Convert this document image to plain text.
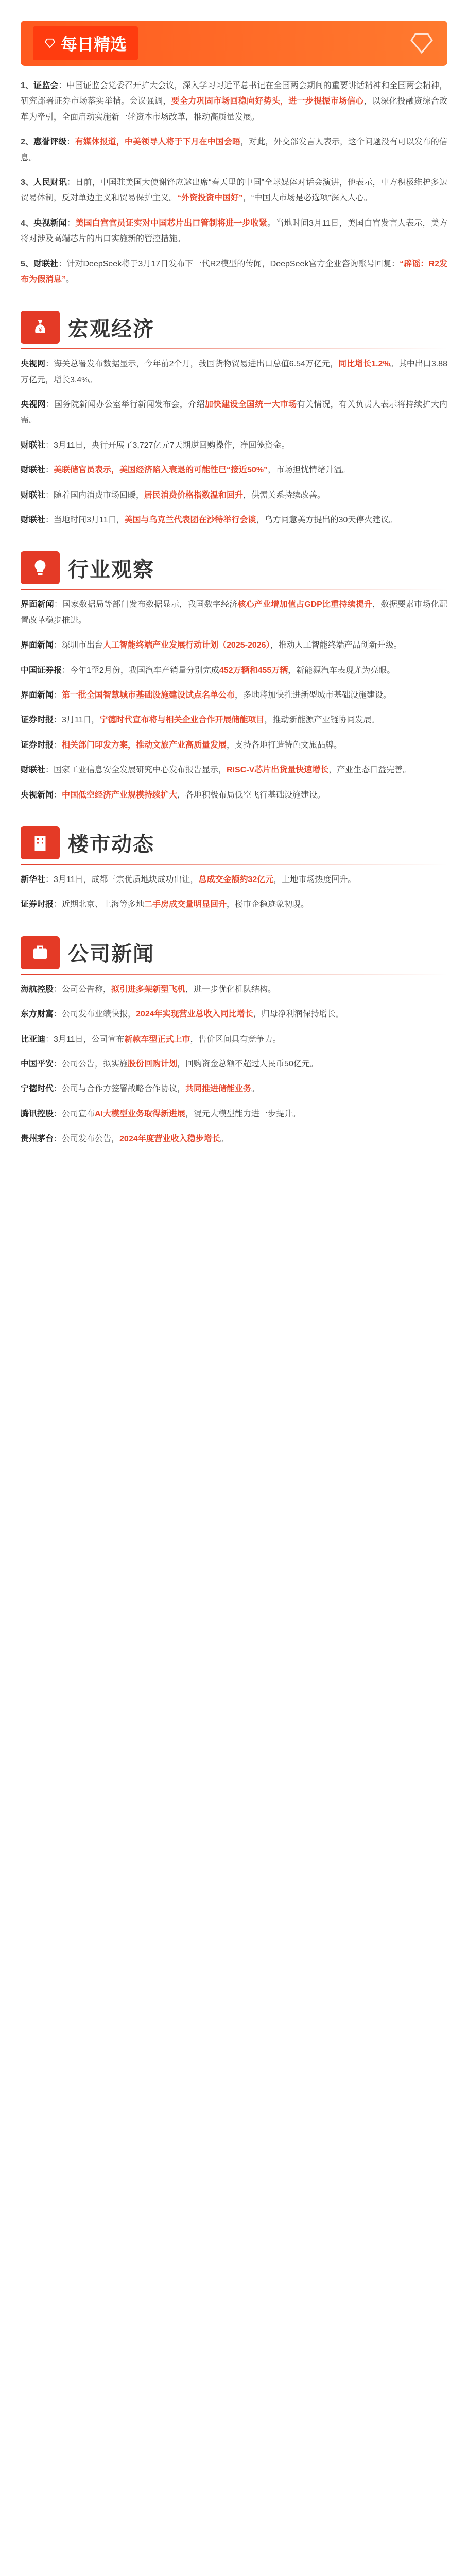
每日精选

1、证监会：中国证监会党委召开扩大会议，深入学习习近平总书记在全国两会期间的重要讲话精神和全国两会精神，研究部署证券市场落实举措。会议强调，要全力巩固市场回稳向好势头，进一步提振市场信心，以深化投融资综合改革为牵引，全面启动实施新一轮资本市场改革，推动高质量发展。

2、惠誉评级：有媒体报道，中美领导人将于下月在中国会晤，对此，外交部发言人表示，这个问题没有可以发布的信息。

3、人民财讯：日前，中国驻美国大使谢锋应邀出席“春天里的中国”全球媒体对话会演讲，他表示，中方积极维护多边贸易体制，反对单边主义和贸易保护主义。“外资投资中国好”，“中国大市场是必选项”深入人心。

4、央视新闻：美国白宫官员证实对中国芯片出口管制将进一步收紧。当地时间3月11日，美国白宫发言人表示，美方将对涉及高端芯片的出口实施新的管控措施。

5、财联社：针对DeepSeek将于3月17日发布下一代R2模型的传闻，DeepSeek官方企业咨询账号回复：“辟谣：R2发布为假消息”。

¥ 宏观经济

央视网：海关总署发布数据显示，今年前2个月，我国货物贸易进出口总值6.54万亿元，同比增长1.2%。其中出口3.88万亿元，增长3.4%。

央视网：国务院新闻办公室举行新闻发布会，介绍加快建设全国统一大市场有关情况，有关负责人表示将持续扩大内需。

财联社：3月11日，央行开展了3,727亿元7天期逆回购操作，净回笼资金。

财联社：美联储官员表示，美国经济陷入衰退的可能性已“接近50%”，市场担忧情绪升温。

财联社：随着国内消费市场回暖，居民消费价格指数温和回升，供需关系持续改善。

财联社：当地时间3月11日，美国与乌克兰代表团在沙特举行会谈，乌方同意美方提出的30天停火建议。

行业观察

界面新闻：国家数据局等部门发布数据显示，我国数字经济核心产业增加值占GDP比重持续提升，数据要素市场化配置改革稳步推进。

界面新闻：深圳市出台人工智能终端产业发展行动计划（2025-2026），推动人工智能终端产品创新升级。

中国证券报：今年1至2月份，我国汽车产销量分别完成452万辆和455万辆，新能源汽车表现尤为亮眼。

界面新闻：第一批全国智慧城市基础设施建设试点名单公布，多地将加快推进新型城市基础设施建设。

证券时报：3月11日，宁德时代宣布将与相关企业合作开展储能项目，推动新能源产业链协同发展。

证券时报：相关部门印发方案，推动文旅产业高质量发展，支持各地打造特色文旅品牌。

财联社：国家工业信息安全发展研究中心发布报告显示，RISC-V芯片出货量快速增长，产业生态日益完善。

央视新闻：中国低空经济产业规模持续扩大，各地积极布局低空飞行基础设施建设。

楼市动态

新华社：3月11日，成都三宗优质地块成功出让，总成交金额约32亿元，土地市场热度回升。

证券时报：近期北京、上海等多地二手房成交量明显回升，楼市企稳迹象初现。

公司新闻

海航控股：公司公告称，拟引进多架新型飞机，进一步优化机队结构。

东方财富：公司发布业绩快报，2024年实现营业总收入同比增长，归母净利润保持增长。

比亚迪：3月11日，公司宣布新款车型正式上市，售价区间具有竞争力。

中国平安：公司公告，拟实施股份回购计划，回购资金总额不超过人民币50亿元。

宁德时代：公司与合作方签署战略合作协议，共同推进储能业务。

腾讯控股：公司宣布AI大模型业务取得新进展，混元大模型能力进一步提升。

贵州茅台：公司发布公告，2024年度营业收入稳步增长。
